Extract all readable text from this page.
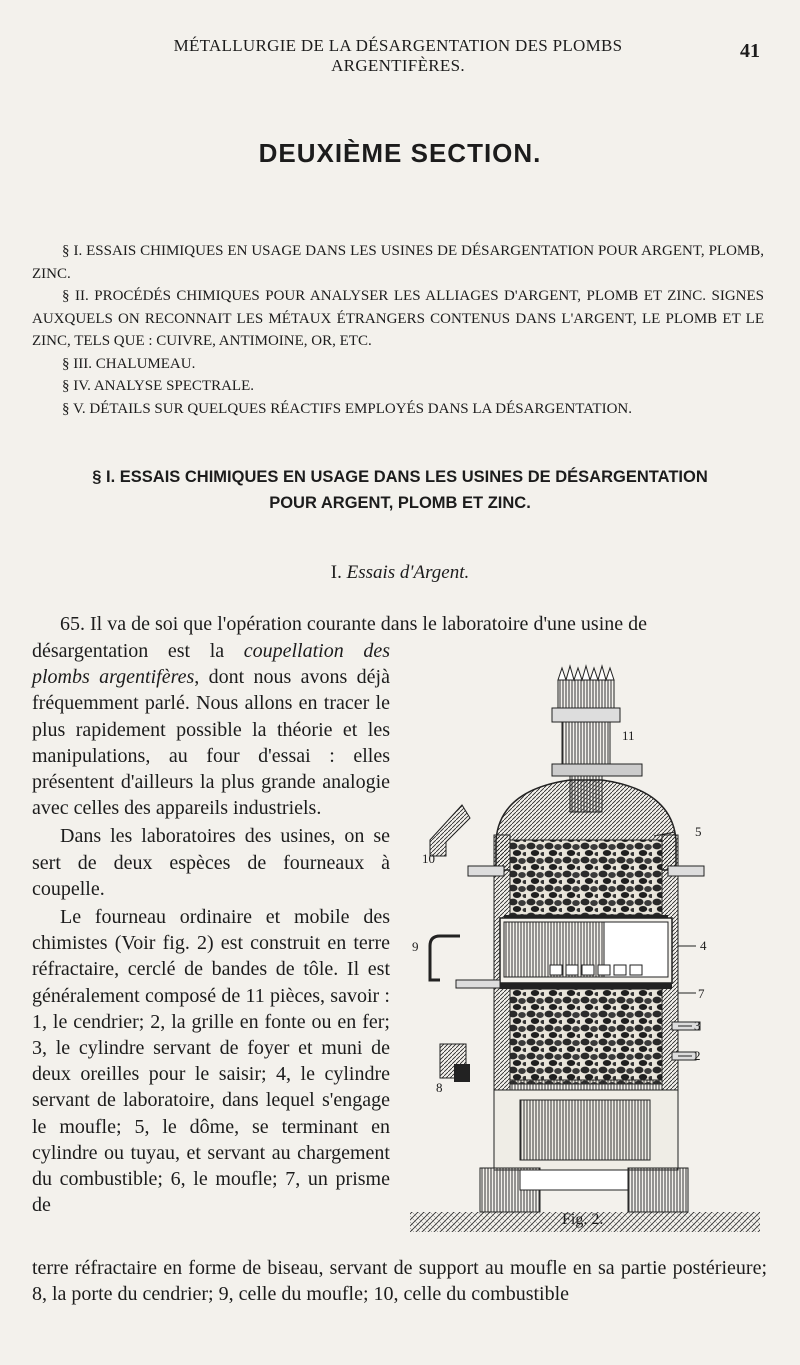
MÉTALLURGIE DE LA DÉSARGENTATION DES PLOMBS ARGENTIFÈRES.
41
DEUXIÈME SECTION.

§ I. ESSAIS CHIMIQUES EN USAGE DANS LES USINES DE DÉSARGENTATION POUR ARGENT, PLOMB, ZINC.

§ II. PROCÉDÉS CHIMIQUES POUR ANALYSER LES ALLIAGES D'ARGENT, PLOMB ET ZINC. SIGNES AUXQUELS ON RECONNAIT LES MÉTAUX ÉTRANGERS CONTENUS DANS L'ARGENT, LE PLOMB ET LE ZINC, TELS QUE : CUIVRE, ANTIMOINE, OR, ETC.

§ III. CHALUMEAU.

§ IV. ANALYSE SPECTRALE.

§ V. DÉTAILS SUR QUELQUES RÉACTIFS EMPLOYÉS DANS LA DÉSARGENTATION.

§ I. ESSAIS CHIMIQUES EN USAGE DANS LES USINES DE DÉSARGENTATION
POUR ARGENT, PLOMB ET ZINC.
I. Essais d'Argent.

65. Il va de soi que l'opération courante dans le laboratoire d'une usine de

désargentation est la coupellation des plombs argentifères, dont nous avons déjà fréquemment parlé. Nous allons en tracer le plus rapidement possible la théorie et les manipulations, au four d'essai : elles présentent d'ailleurs la plus grande analogie avec celles des appareils industriels.

Dans les laboratoires des usines, on se sert de deux espèces de fourneaux à coupelle.

Le fourneau ordinaire et mobile des chimistes (Voir fig. 2) est construit en terre réfractaire, cerclé de bandes de tôle. Il est généralement composé de 11 pièces, savoir : 1, le cendrier; 2, la grille en fonte ou en fer; 3, le cylindre servant de foyer et muni de deux oreilles pour le saisir; 4, le cylindre servant de laboratoire, dans lequel s'engage le moufle; 5, le dôme, se terminant en cylindre ou tuyau, et servant au chargement du combustible; 6, le moufle; 7, un prisme de

terre réfractaire en forme de biseau, servant de support au moufle en sa partie postérieure; 8, la porte du cendrier; 9, celle du moufle; 10, celle du combustible

11
5
10
9	4
7
3
8
2
Fig. 2.
